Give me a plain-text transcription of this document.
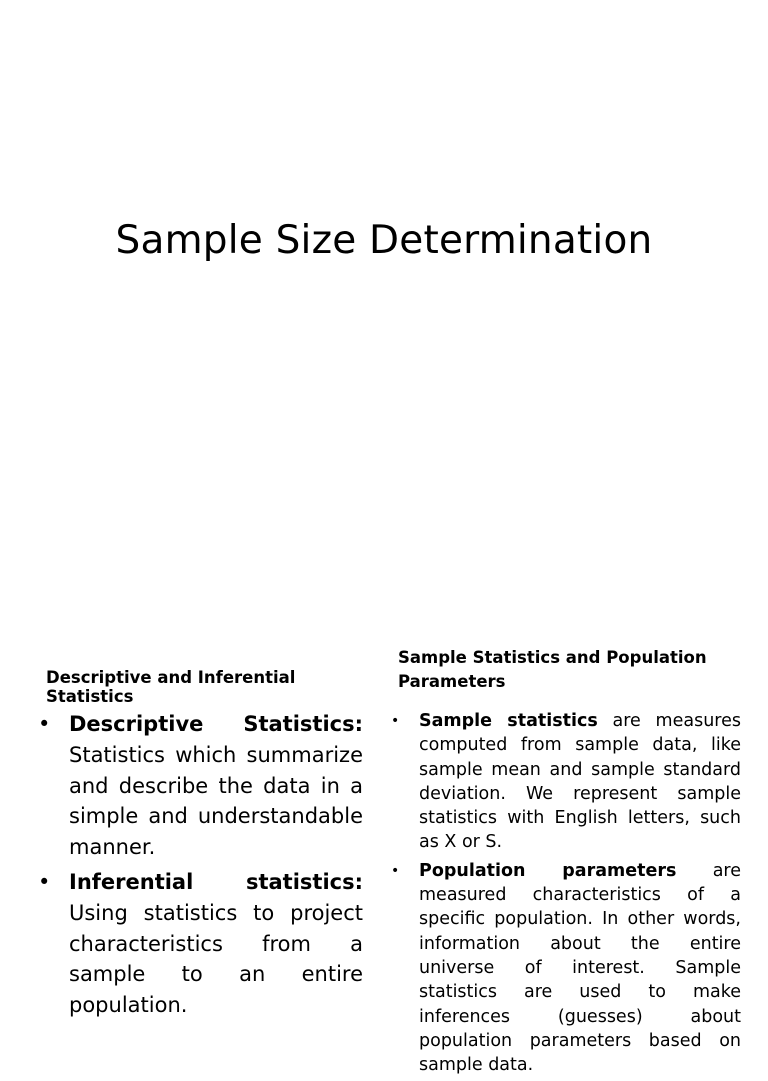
Sample Size Determination
Descriptive and Inferential Statistics
• Descriptive Statistics: Statistics which summarize and describe the data in a simple and understandable manner.
• Inferential statistics: Using statistics to project characteristics from a sample to an entire population.
Sample Statistics and Population Parameters
• Sample statistics are measures computed from sample data, like sample mean and sample standard deviation. We represent sample statistics with English letters, such as X or S.
• Population parameters are measured characteristics of a specific population. In other words, information about the entire universe of interest. Sample statistics are used to make inferences (guesses) about population parameters based on sample data.
